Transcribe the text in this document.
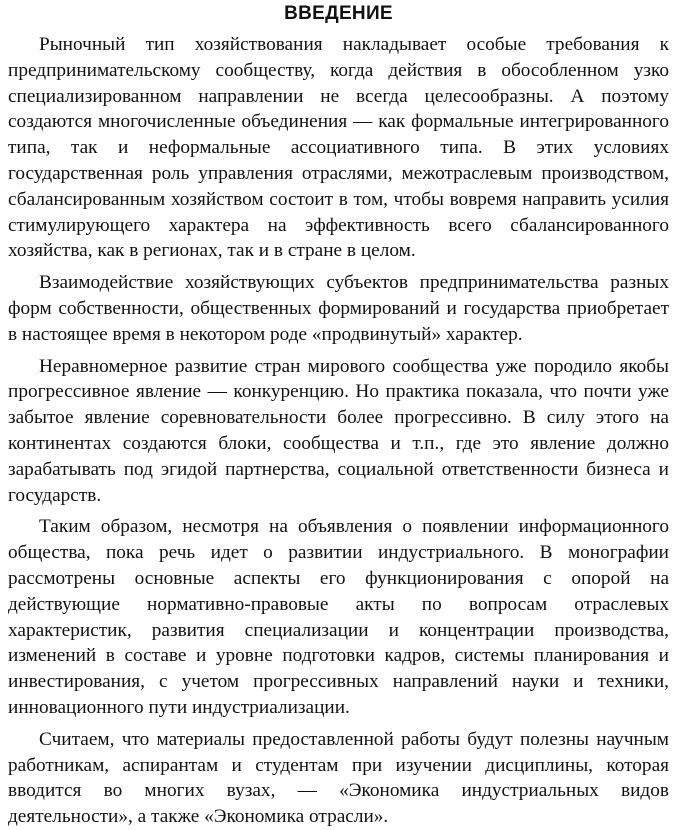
ВВЕДЕНИЕ

Рыночный тип хозяйствования накладывает особые требования к предпринимательскому сообществу, когда действия в обособленном узко специализированном направлении не всегда целесообразны. А поэтому создаются многочисленные объединения — как формальные интегрированного типа, так и неформальные ассоциативного типа. В этих условиях государственная роль управления отраслями, межотраслевым производством, сбалансированным хозяйством состоит в том, чтобы вовремя направить усилия стимулирующего характера на эффективность всего сбалансированного хозяйства, как в регионах, так и в стране в целом.

Взаимодействие хозяйствующих субъектов предпринимательства разных форм собственности, общественных формирований и государства приобретает в настоящее время в некотором роде «продвинутый» характер.

Неравномерное развитие стран мирового сообщества уже породило якобы прогрессивное явление — конкуренцию. Но практика показала, что почти уже забытое явление соревновательности более прогрессивно. В силу этого на континентах создаются блоки, сообщества и т.п., где это явление должно зарабатывать под эгидой партнерства, социальной ответственности бизнеса и государств.

Таким образом, несмотря на объявления о появлении информационного общества, пока речь идет о развитии индустриального. В монографии рассмотрены основные аспекты его функционирования с опорой на действующие нормативно-правовые акты по вопросам отраслевых характеристик, развития специализации и концентрации производства, изменений в составе и уровне подготовки кадров, системы планирования и инвестирования, с учетом прогрессивных направлений науки и техники, инновационного пути индустриализации.

Считаем, что материалы предоставленной работы будут полезны научным работникам, аспирантам и студентам при изучении дисциплины, которая вводится во многих вузах, — «Экономика индустриальных видов деятельности», а также «Экономика отрасли».
